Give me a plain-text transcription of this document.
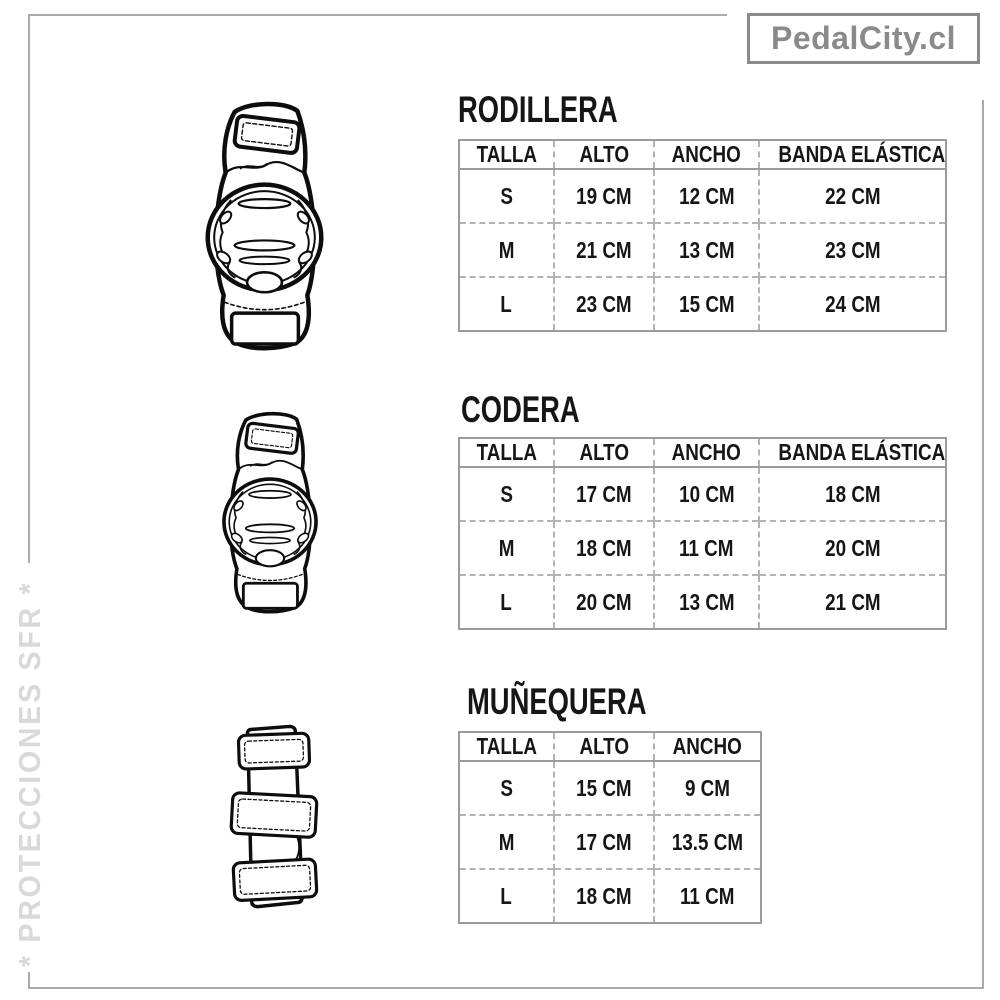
PedalCity.cl
* PROTECCIONES SFR *
RODILLERA
CODERA
MUÑEQUERA
TALLA	ALTO	ANCHO	BANDA ELÁSTICA
S	19 CM	12 CM	22 CM
M	21 CM	13 CM	23 CM
L	23 CM	15 CM	24 CM
TALLA	ALTO	ANCHO	BANDA ELÁSTICA
S	17 CM	10 CM	18 CM
M	18 CM	11 CM	20 CM
L	20 CM	13 CM	21 CM
TALLA	ALTO	ANCHO
S	15 CM	9 CM
M	17 CM	13.5 CM
L	18 CM	11 CM
